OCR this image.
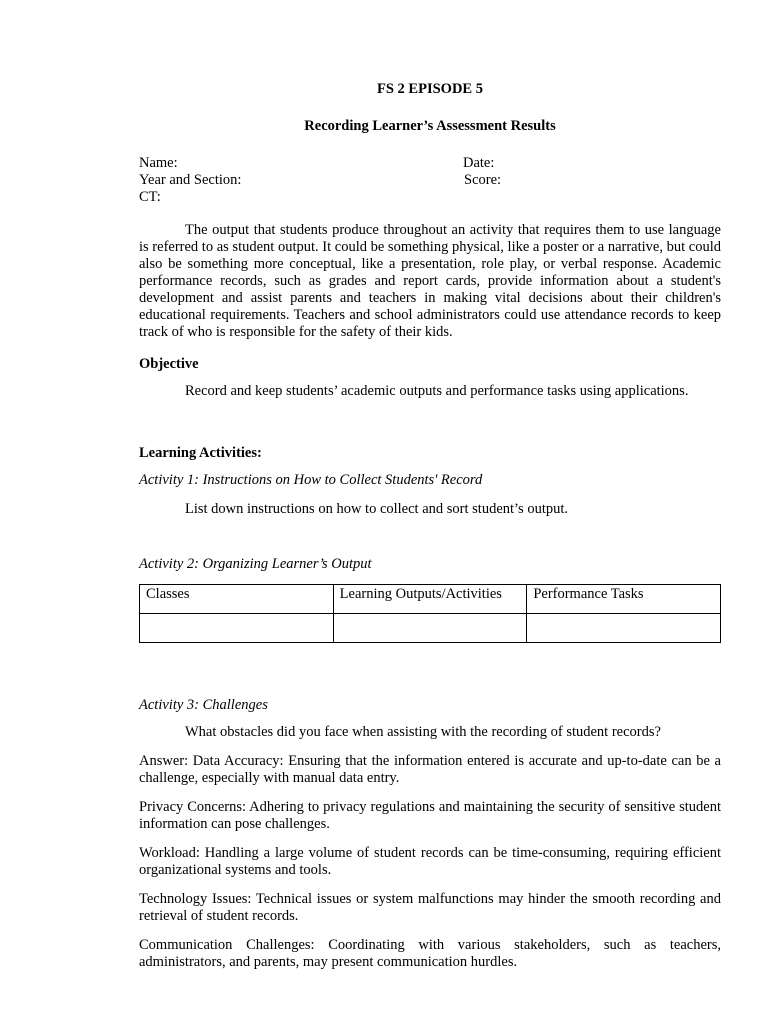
FS 2 EPISODE 5
Recording Learner’s Assessment Results
Name:	Date:
Year and Section:	Score:
CT:
The output that students produce throughout an activity that requires them to use language is referred to as student output. It could be something physical, like a poster or a narrative, but could also be something more conceptual, like a presentation, role play, or verbal response. Academic performance records, such as grades and report cards, provide information about a student's development and assist parents and teachers in making vital decisions about their children's educational requirements. Teachers and school administrators could use attendance records to keep track of who is responsible for the safety of their kids.
Objective
Record and keep students’ academic outputs and performance tasks using applications.
Learning Activities:
Activity 1: Instructions on How to Collect Students' Record
List down instructions on how to collect and sort student’s output.
Activity 2: Organizing Learner’s Output
Classes	Learning Outputs/Activities	Performance Tasks

Activity 3: Challenges
What obstacles did you face when assisting with the recording of student records?
Answer: Data Accuracy: Ensuring that the information entered is accurate and up-to-date can be a challenge, especially with manual data entry.
Privacy Concerns: Adhering to privacy regulations and maintaining the security of sensitive student information can pose challenges.
Workload: Handling a large volume of student records can be time-consuming, requiring efficient organizational systems and tools.
Technology Issues: Technical issues or system malfunctions may hinder the smooth recording and retrieval of student records.
Communication Challenges: Coordinating with various stakeholders, such as teachers, administrators, and parents, may present communication hurdles.
